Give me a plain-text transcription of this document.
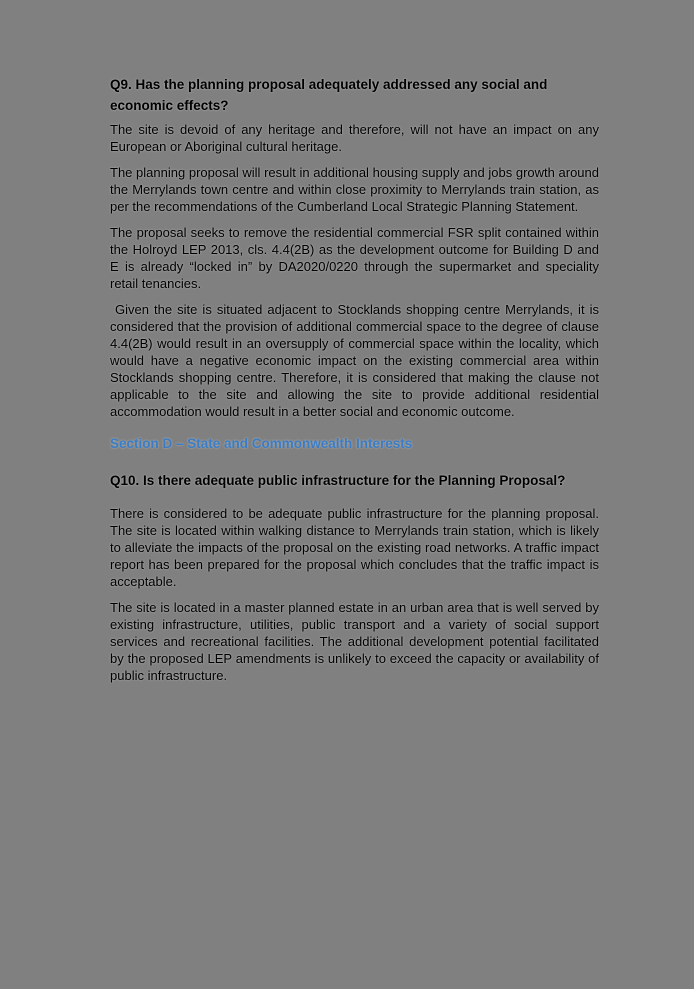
Q9. Has the planning proposal adequately addressed any social and economic effects?
The site is devoid of any heritage and therefore, will not have an impact on any European or Aboriginal cultural heritage.
The planning proposal will result in additional housing supply and jobs growth around the Merrylands town centre and within close proximity to Merrylands train station, as per the recommendations of the Cumberland Local Strategic Planning Statement.
The proposal seeks to remove the residential commercial FSR split contained within the Holroyd LEP 2013, cls. 4.4(2B) as the development outcome for Building D and E is already “locked in” by DA2020/0220 through the supermarket and speciality retail tenancies.
Given the site is situated adjacent to Stocklands shopping centre Merrylands, it is considered that the provision of additional commercial space to the degree of clause 4.4(2B) would result in an oversupply of commercial space within the locality, which would have a negative economic impact on the existing commercial area within Stocklands shopping centre. Therefore, it is considered that making the clause not applicable to the site and allowing the site to provide additional residential accommodation would result in a better social and economic outcome.
Section D – State and Commonwealth Interests
Q10. Is there adequate public infrastructure for the Planning Proposal?
There is considered to be adequate public infrastructure for the planning proposal. The site is located within walking distance to Merrylands train station, which is likely to alleviate the impacts of the proposal on the existing road networks. A traffic impact report has been prepared for the proposal which concludes that the traffic impact is acceptable.
The site is located in a master planned estate in an urban area that is well served by existing infrastructure, utilities, public transport and a variety of social support services and recreational facilities. The additional development potential facilitated by the proposed LEP amendments is unlikely to exceed the capacity or availability of public infrastructure.
